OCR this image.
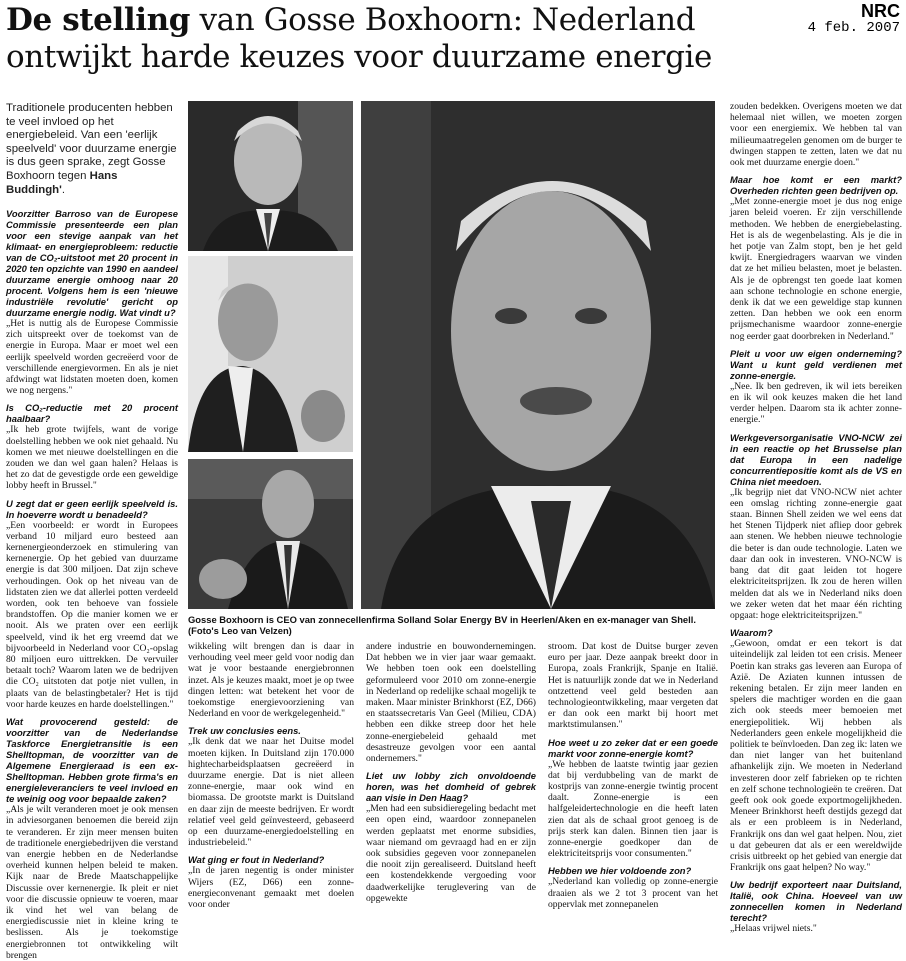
De stelling van Gosse Boxhoorn: Nederland
ontwijkt harde keuzes voor duurzame energie
NRC
4 feb. 2007
Traditionele producenten hebben te veel invloed op het energiebeleid. Van een 'eerlijk speelveld' voor duurzame energie is dus geen sprake, zegt Gosse Boxhoorn tegen Hans Buddingh'.

Voorzitter Barroso van de Europese Commissie presenteerde een plan voor een stevige aanpak van het klimaat- en energieprobleem: reductie van de CO₂-uitstoot met 20 procent in 2020 ten opzichte van 1990 en aandeel duurzame energie omhoog naar 20 procent. Volgens hem is een 'nieuwe industriële revolutie' gericht op duurzame energie nodig. Wat vindt u?

„Het is nuttig als de Europese Commissie zich uitspreekt over de toekomst van de energie in Europa. Maar er moet wel een eerlijk speelveld worden gecreëerd voor de verschillende energievormen. En als je niet afdwingt wat lidstaten moeten doen, komen we nog nergens."

Is CO₂-reductie met 20 procent haalbaar?

„Ik heb grote twijfels, want de vorige doelstelling hebben we ook niet gehaald. Nu komen we met nieuwe doelstellingen en die zouden we dan wel gaan halen? Helaas is het zo dat de gevestigde orde een geweldige lobby heeft in Brussel."

U zegt dat er geen eerlijk speelveld is. In hoeverre wordt u benadeeld?

„Een voorbeeld: er wordt in Europees verband 10 miljard euro besteed aan kernenergieonderzoek en stimulering van kernenergie. Op het gebied van duurzame energie is dat 300 miljoen. Dat zijn scheve verhoudingen. Ook op het niveau van de lidstaten zien we dat allerlei potten verdeeld worden, ook ten behoeve van fossiele brandstoffen. Op die manier komen we er nooit. Als we praten over een eerlijk speelveld, vind ik het erg vreemd dat we bijvoorbeeld in Nederland voor CO₂-opslag 80 miljoen euro uittrekken. De vervuiler betaalt toch? Waarom laten we de bedrijven die CO₂ uitstoten dat potje niet vullen, in plaats van de belastingbetaler? Het is tijd voor harde keuzes en harde doelstellingen."

Wat provocerend gesteld: de voorzitter van de Nederlandse Taskforce Energietransitie is een Shelltopman, de voorzitter van de Algemene Energieraad is een ex-Shelltopman. Hebben grote firma's en energieleveranciers te veel invloed en te weinig oog voor bepaalde zaken?

„Als je wilt veranderen moet je ook mensen in adviesorganen benoemen die bereid zijn te veranderen. Er zijn meer mensen buiten de traditionele energiebedrijven die verstand van energie hebben en de Nederlandse overheid kunnen helpen beleid te maken. Kijk naar de Brede Maatschappelijke Discussie over kernenergie. Ik pleit er niet voor die discussie opnieuw te voeren, maar ik vind het wel van belang de energiediscussie niet in kleine kring te beslissen. Als je toekomstige energiebronnen tot ontwikkeling wilt brengen

Gosse Boxhoorn is CEO van zonnecellenfirma Solland Solar Energy BV in Heerlen/Aken en ex-manager van Shell.
(Foto's Leo van Velzen)

wikkeling wilt brengen dan is daar in verhouding veel meer geld voor nodig dan wat je voor bestaande energiebronnen inzet. Als je keuzes maakt, moet je op twee dingen letten: wat betekent het voor de toekomstige energievoorziening van Nederland en voor de werkgelegenheid."

Trek uw conclusies eens.

„Ik denk dat we naar het Duitse model moeten kijken. In Duitsland zijn 170.000 hightecharbeidsplaatsen gecreëerd in duurzame energie. Dat is niet alleen zonne-energie, maar ook wind en biomassa. De grootste markt is Duitsland en daar zijn de meeste bedrijven. Er wordt relatief veel geld geïnvesteerd, gebaseerd op een duurzame-energiedoelstelling en industriebeleid."

Wat ging er fout in Nederland?

„In de jaren negentig is onder minister Wijers (EZ, D66) een zonne-energieconvenant gemaakt met doelen voor onder

andere industrie en bouwondernemingen. Dat hebben we in vier jaar waar gemaakt. We hebben toen ook een doelstelling geformuleerd voor 2010 om zonne-energie in Nederland op redelijke schaal mogelijk te maken. Maar minister Brinkhorst (EZ, D66) en staatssecretaris Van Geel (Milieu, CDA) hebben een dikke streep door het hele zonne-energiebeleid gehaald met desastreuze gevolgen voor een aantal ondernemers."

Liet uw lobby zich onvoldoende horen, was het domheid of gebrek aan visie in Den Haag?

„Men had een subsidieregeling bedacht met een open eind, waardoor zonnepanelen werden geplaatst met enorme subsidies, waar niemand om gevraagd had en er zijn ook subsidies gegeven voor zonnepanelen die nooit zijn gerealiseerd. Duitsland heeft een kostendekkende vergoeding voor daadwerkelijke teruglevering van de opgewekte

stroom. Dat kost de Duitse burger zeven euro per jaar. Deze aanpak breekt door in Europa, zoals Frankrijk, Spanje en Italië. Het is natuurlijk zonde dat we in Nederland ontzettend veel geld besteden aan technologieontwikkeling, maar vergeten dat er dan ook een markt bij hoort met marktstimulansen."

Hoe weet u zo zeker dat er een goede markt voor zonne-energie komt?

„We hebben de laatste twintig jaar gezien dat bij verdubbeling van de markt de kostprijs van zonne-energie twintig procent daalt. Zonne-energie is een halfgeleidertechnologie en die heeft laten zien dat als de schaal groot genoeg is de prijs sterk kan dalen. Binnen tien jaar is zonne-energie goedkoper dan de elektriciteitsprijs voor consumenten."

Hebben we hier voldoende zon?

„Nederland kan volledig op zonne-energie draaien als we 2 tot 3 procent van het oppervlak met zonnepanelen

zouden bedekken. Overigens moeten we dat helemaal niet willen, we moeten zorgen voor een energiemix. We hebben tal van milieumaatregelen genomen om de burger te dwingen stappen te zetten, laten we dat nu ook met duurzame energie doen."

Maar hoe komt er een markt? Overheden richten geen bedrijven op.

„Met zonne-energie moet je dus nog enige jaren beleid voeren. Er zijn verschillende methoden. We hebben de energiebelasting. Het is als de wegenbelasting. Als je die in het potje van Zalm stopt, ben je het geld kwijt. Energiedragers waarvan we vinden dat ze het milieu belasten, moet je belasten. Als je de opbrengst ten goede laat komen aan schone technologie en schone energie, denk ik dat we een geweldige stap kunnen zetten. Dan hebben we ook een enorm prijsmechanisme waardoor zonne-energie nog eerder gaat doorbreken in Nederland."

Pleit u voor uw eigen onderneming? Want u kunt geld verdienen met zonne-energie.

„Nee. Ik ben gedreven, ik wil iets bereiken en ik wil ook keuzes maken die het land verder helpen. Daarom sta ik achter zonne-energie."

Werkgeversorganisatie VNO-NCW zei in een reactie op het Brusselse plan dat Europa in een nadelige concurrentiepositie komt als de VS en China niet meedoen.

„Ik begrijp niet dat VNO-NCW niet achter een omslag richting zonne-energie gaat staan. Binnen Shell zeiden we wel eens dat het Stenen Tijdperk niet afliep door gebrek aan stenen. We hebben nieuwe technologie die beter is dan oude technologie. Laten we daar dan ook in investeren. VNO-NCW is bang dat dit gaat leiden tot hogere elektriciteitsprijzen. Ik zou de heren willen melden dat als we in Nederland niks doen we zeker weten dat het maar één richting opgaat: hoge elektriciteitsprijzen."

Waarom?

„Gewoon, omdat er een tekort is dat uiteindelijk zal leiden tot een crisis. Meneer Poetin kan straks gas leveren aan Europa of Azië. De Aziaten kunnen intussen de rekening betalen. Er zijn meer landen en spelers die machtiger worden en die gaan zich ook steeds meer bemoeien met energiepolitiek. Wij hebben als Nederlanders geen enkele mogelijkheid die politiek te beïnvloeden. Dan zeg ik: laten we dan niet langer van het buitenland afhankelijk zijn. We moeten in Nederland investeren door zelf fabrieken op te richten en zelf schone technologieën te creëren. Dat geeft ook ook goede exportmogelijkheden. Meneer Brinkhorst heeft destijds gezegd dat als er een probleem is in Nederland, Frankrijk ons dan wel gaat helpen. Nou, ziet u dat gebeuren dat als er een wereldwijde crisis uitbreekt op het gebied van energie dat Frankrijk ons gaat helpen? No way."

Uw bedrijf exporteert naar Duitsland, Italië, ook China. Hoeveel van uw zonnecellen komen in Nederland terecht?

„Helaas vrijwel niets."
